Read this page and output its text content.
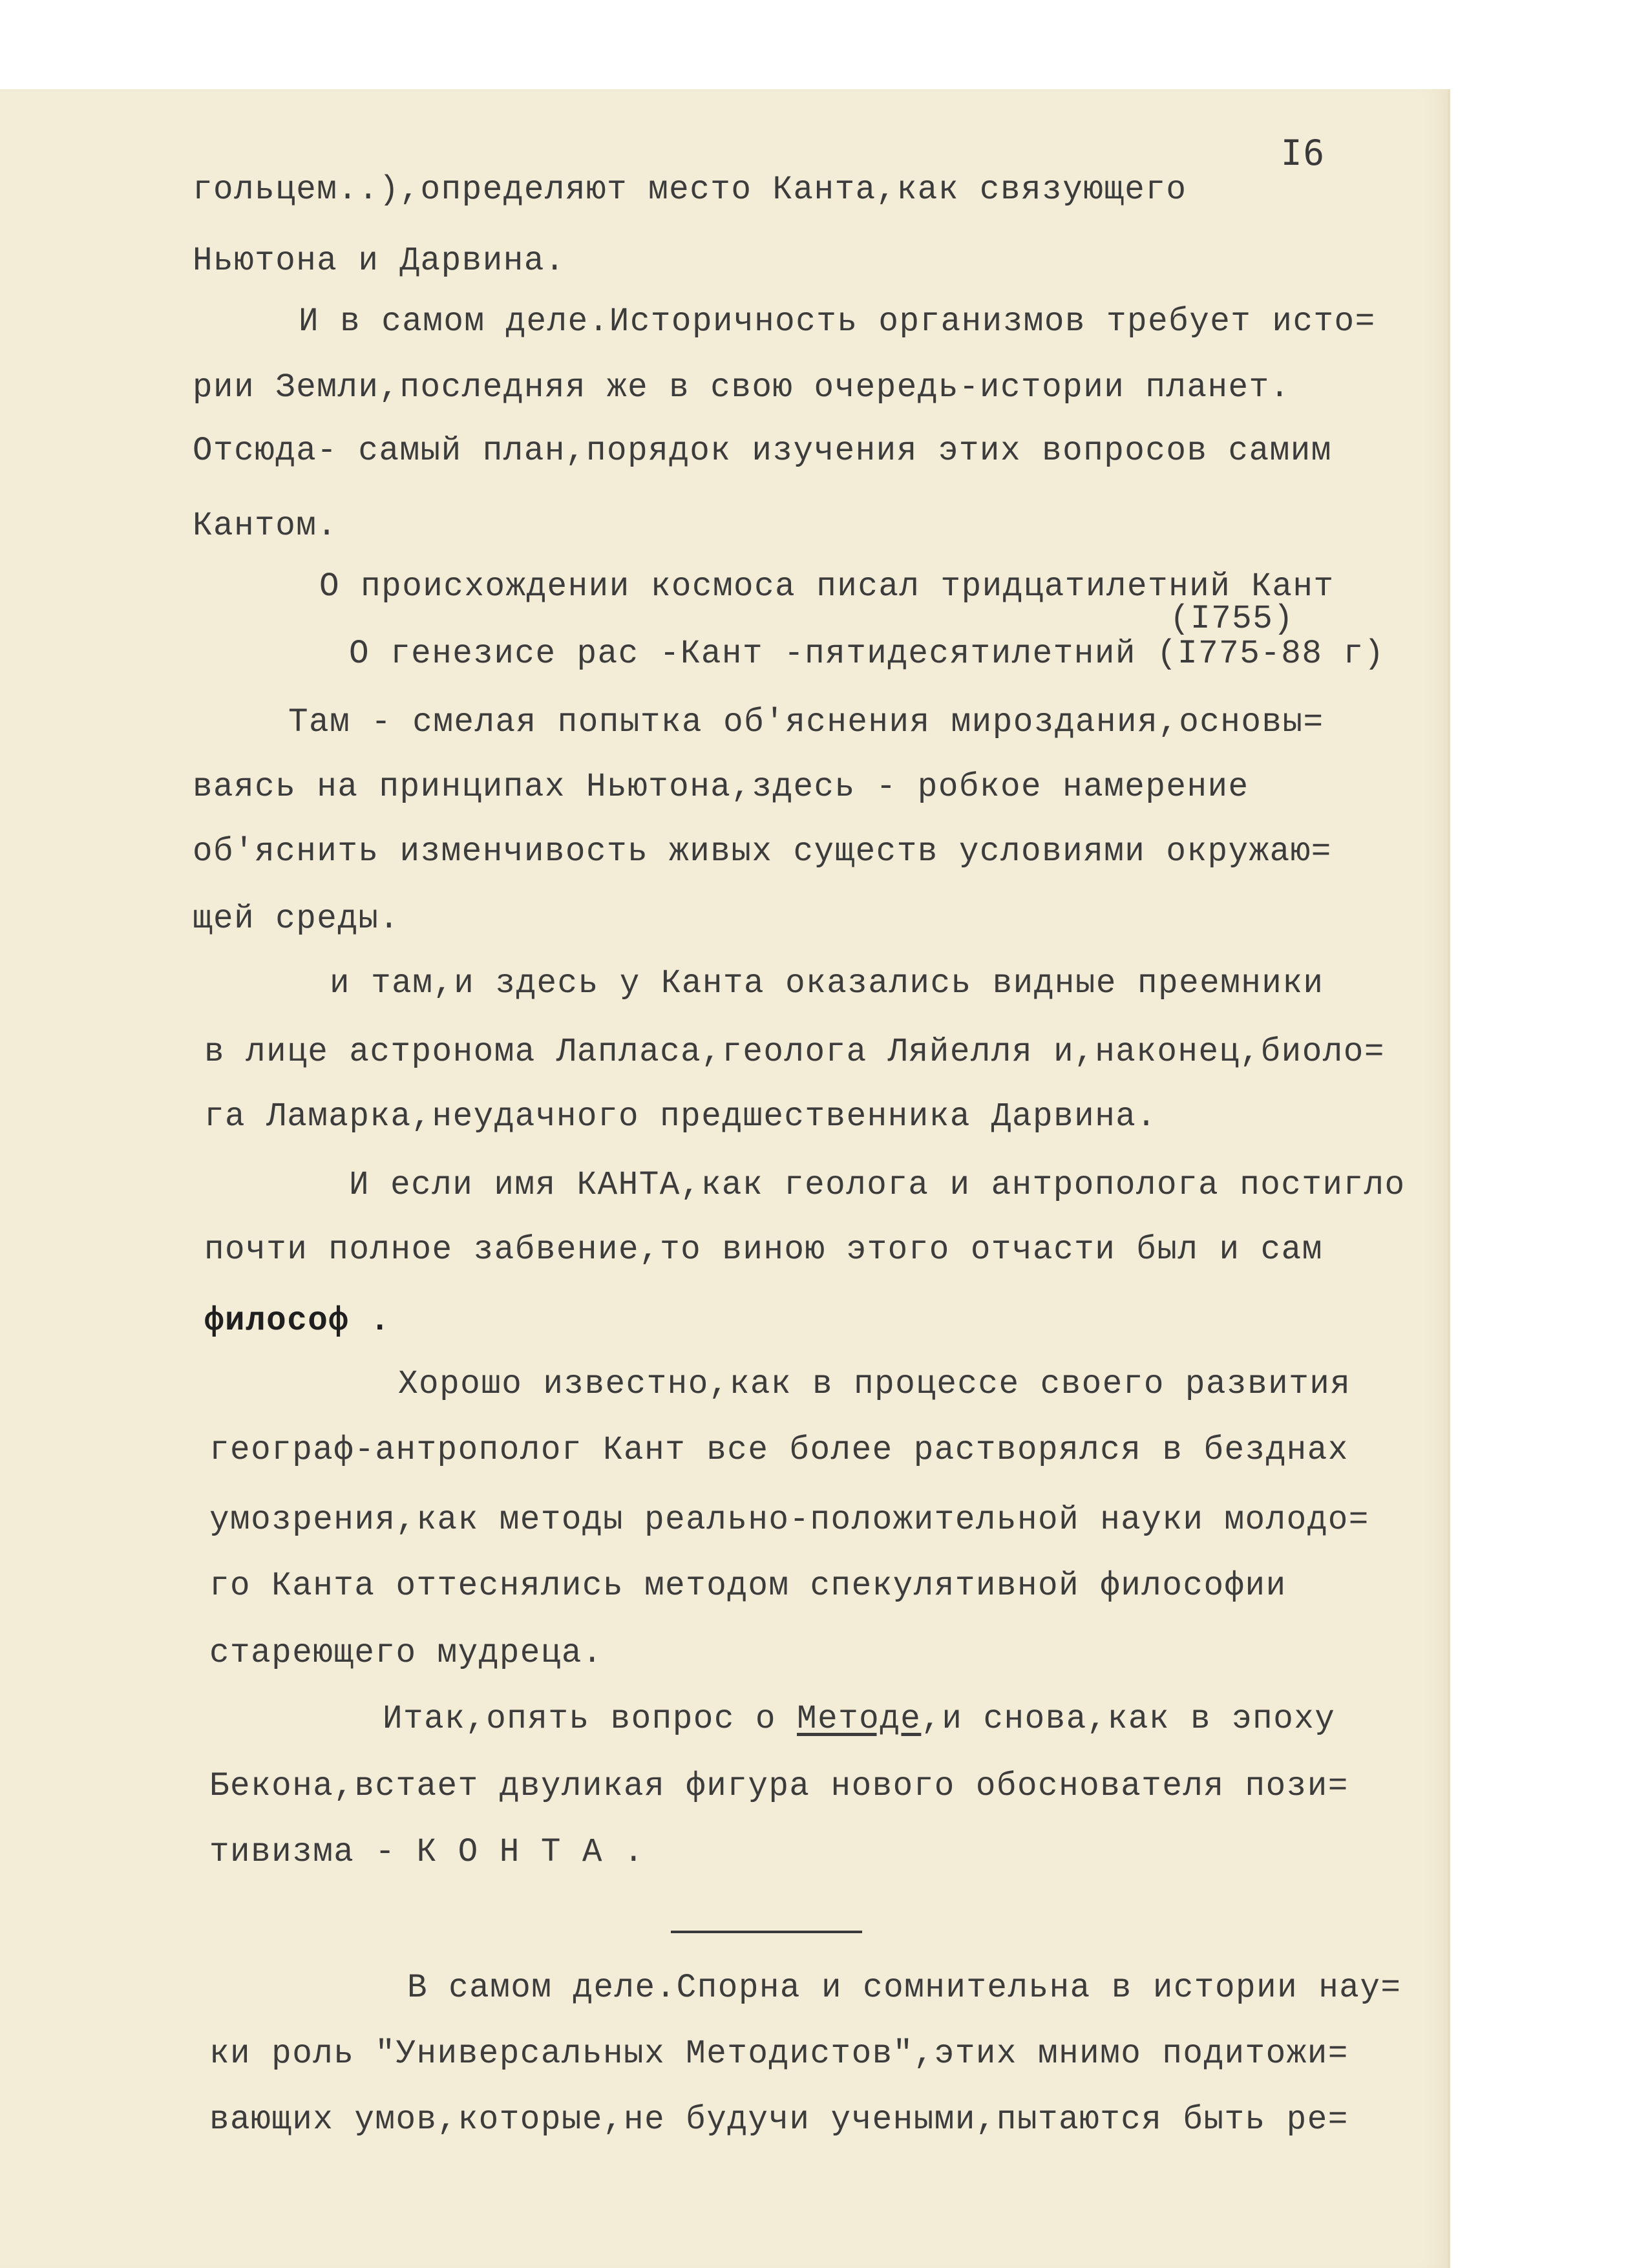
I6
гольцем..),определяют место Канта,как связующего
Ньютона и Дарвина.
И в самом деле.Историчность организмов требует исто=
рии Земли,последняя же в свою очередь-истории планет.
Отсюда- самый план,порядок изучения этих вопросов самим
Кантом.
О происхождении космоса писал тридцатилетний Кант
(I755)
О генезисе рас -Кант -пятидесятилетний (I775-88 г)
Там - смелая попытка об'яснения мироздания,основы=
ваясь на принципах Ньютона,здесь - робкое намерение
об'яснить изменчивость живых существ условиями окружаю=
щей среды.
и там,и здесь у Канта оказались видные преемники
в лице астронома Лапласа,геолога Ляйелля и,наконец,биоло=
га Ламарка,неудачного предшественника Дарвина.
И если имя КАНТА,как геолога и антрополога постигло
почти полное забвение,то виною этого отчасти был и сам
философ .
Хорошо известно,как в процессе своего развития
географ-антрополог Кант все более растворялся в безднах
умозрения,как методы реально-положительной науки молодо=
го Канта оттеснялись методом спекулятивной философии
стареющего мудреца.
Итак,опять вопрос о Методе,и снова,как в эпоху
Бекона,встает двуликая фигура нового обоснователя пози=
тивизма - К О Н Т А .
В самом деле.Спорна и сомнительна в истории нау=
ки роль "Универсальных Методистов",этих мнимо подитожи=
вающих умов,которые,не будучи учеными,пытаются быть ре=
